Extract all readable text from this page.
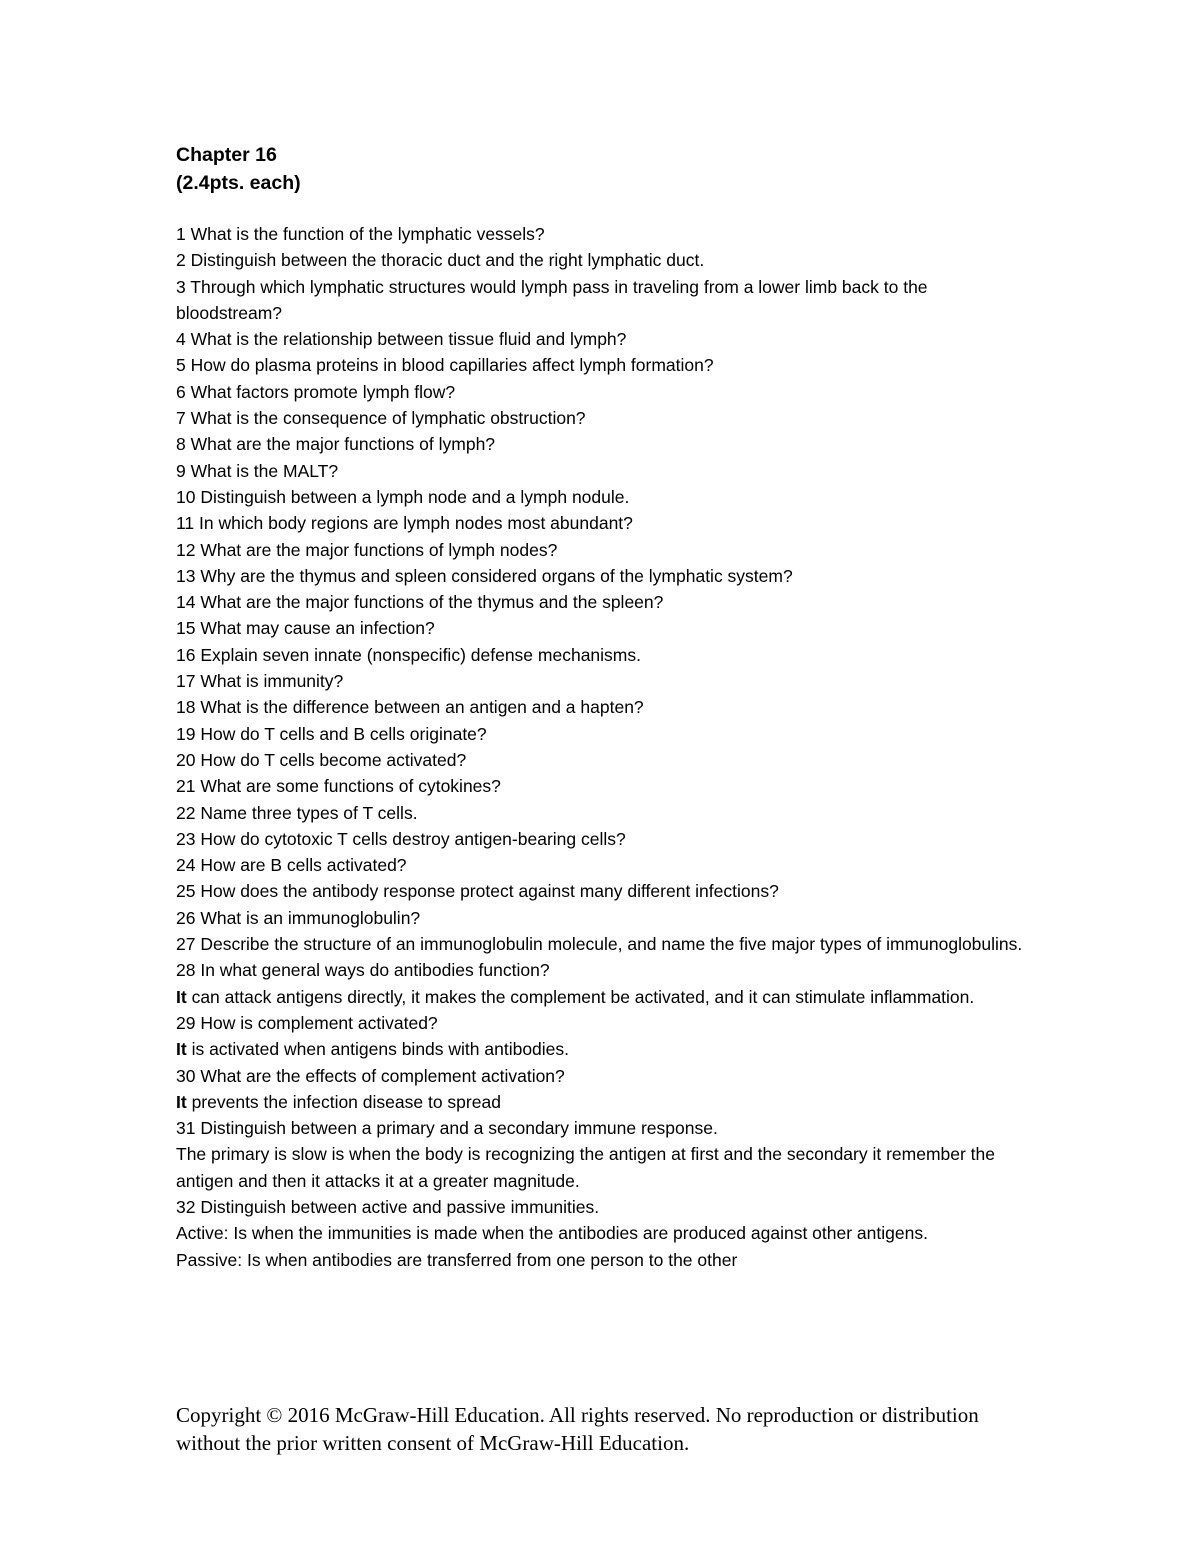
Chapter 16

(2.4pts. each)

1 What is the function of the lymphatic vessels?

2 Distinguish between the thoracic duct and the right lymphatic duct.

3 Through which lymphatic structures would lymph pass in traveling from a lower limb back to the bloodstream?

4 What is the relationship between tissue fluid and lymph?

5 How do plasma proteins in blood capillaries affect lymph formation?

6 What factors promote lymph flow?

7 What is the consequence of lymphatic obstruction?

8 What are the major functions of lymph?

9 What is the MALT?

10 Distinguish between a lymph node and a lymph nodule.

11 In which body regions are lymph nodes most abundant?

12 What are the major functions of lymph nodes?

13 Why are the thymus and spleen considered organs of the lymphatic system?

14 What are the major functions of the thymus and the spleen?

15 What may cause an infection?

16 Explain seven innate (nonspecific) defense mechanisms.

17 What is immunity?

18 What is the difference between an antigen and a hapten?

19 How do T cells and B cells originate?

20 How do T cells become activated?

21 What are some functions of cytokines?

22 Name three types of T cells.

23 How do cytotoxic T cells destroy antigen-bearing cells?

24 How are B cells activated?

25 How does the antibody response protect against many different infections?

26 What is an immunoglobulin?

27 Describe the structure of an immunoglobulin molecule, and name the five major types of immunoglobulins.

28 In what general ways do antibodies function?

It can attack antigens directly, it makes the complement be activated, and it can stimulate inflammation.

29 How is complement activated?

It is activated when antigens binds with antibodies.

30 What are the effects of complement activation?

It prevents the infection disease to spread

31 Distinguish between a primary and a secondary immune response.

The primary is slow is when the body is recognizing the antigen at first and the secondary it remember the antigen and then it attacks it at a greater magnitude.

32 Distinguish between active and passive immunities.

Active: Is when the immunities is made when the antibodies are produced against other antigens.

Passive: Is when antibodies are transferred from one person to the other

Copyright © 2016 McGraw-Hill Education. All rights reserved. No reproduction or distribution without the prior written consent of McGraw-Hill Education.
